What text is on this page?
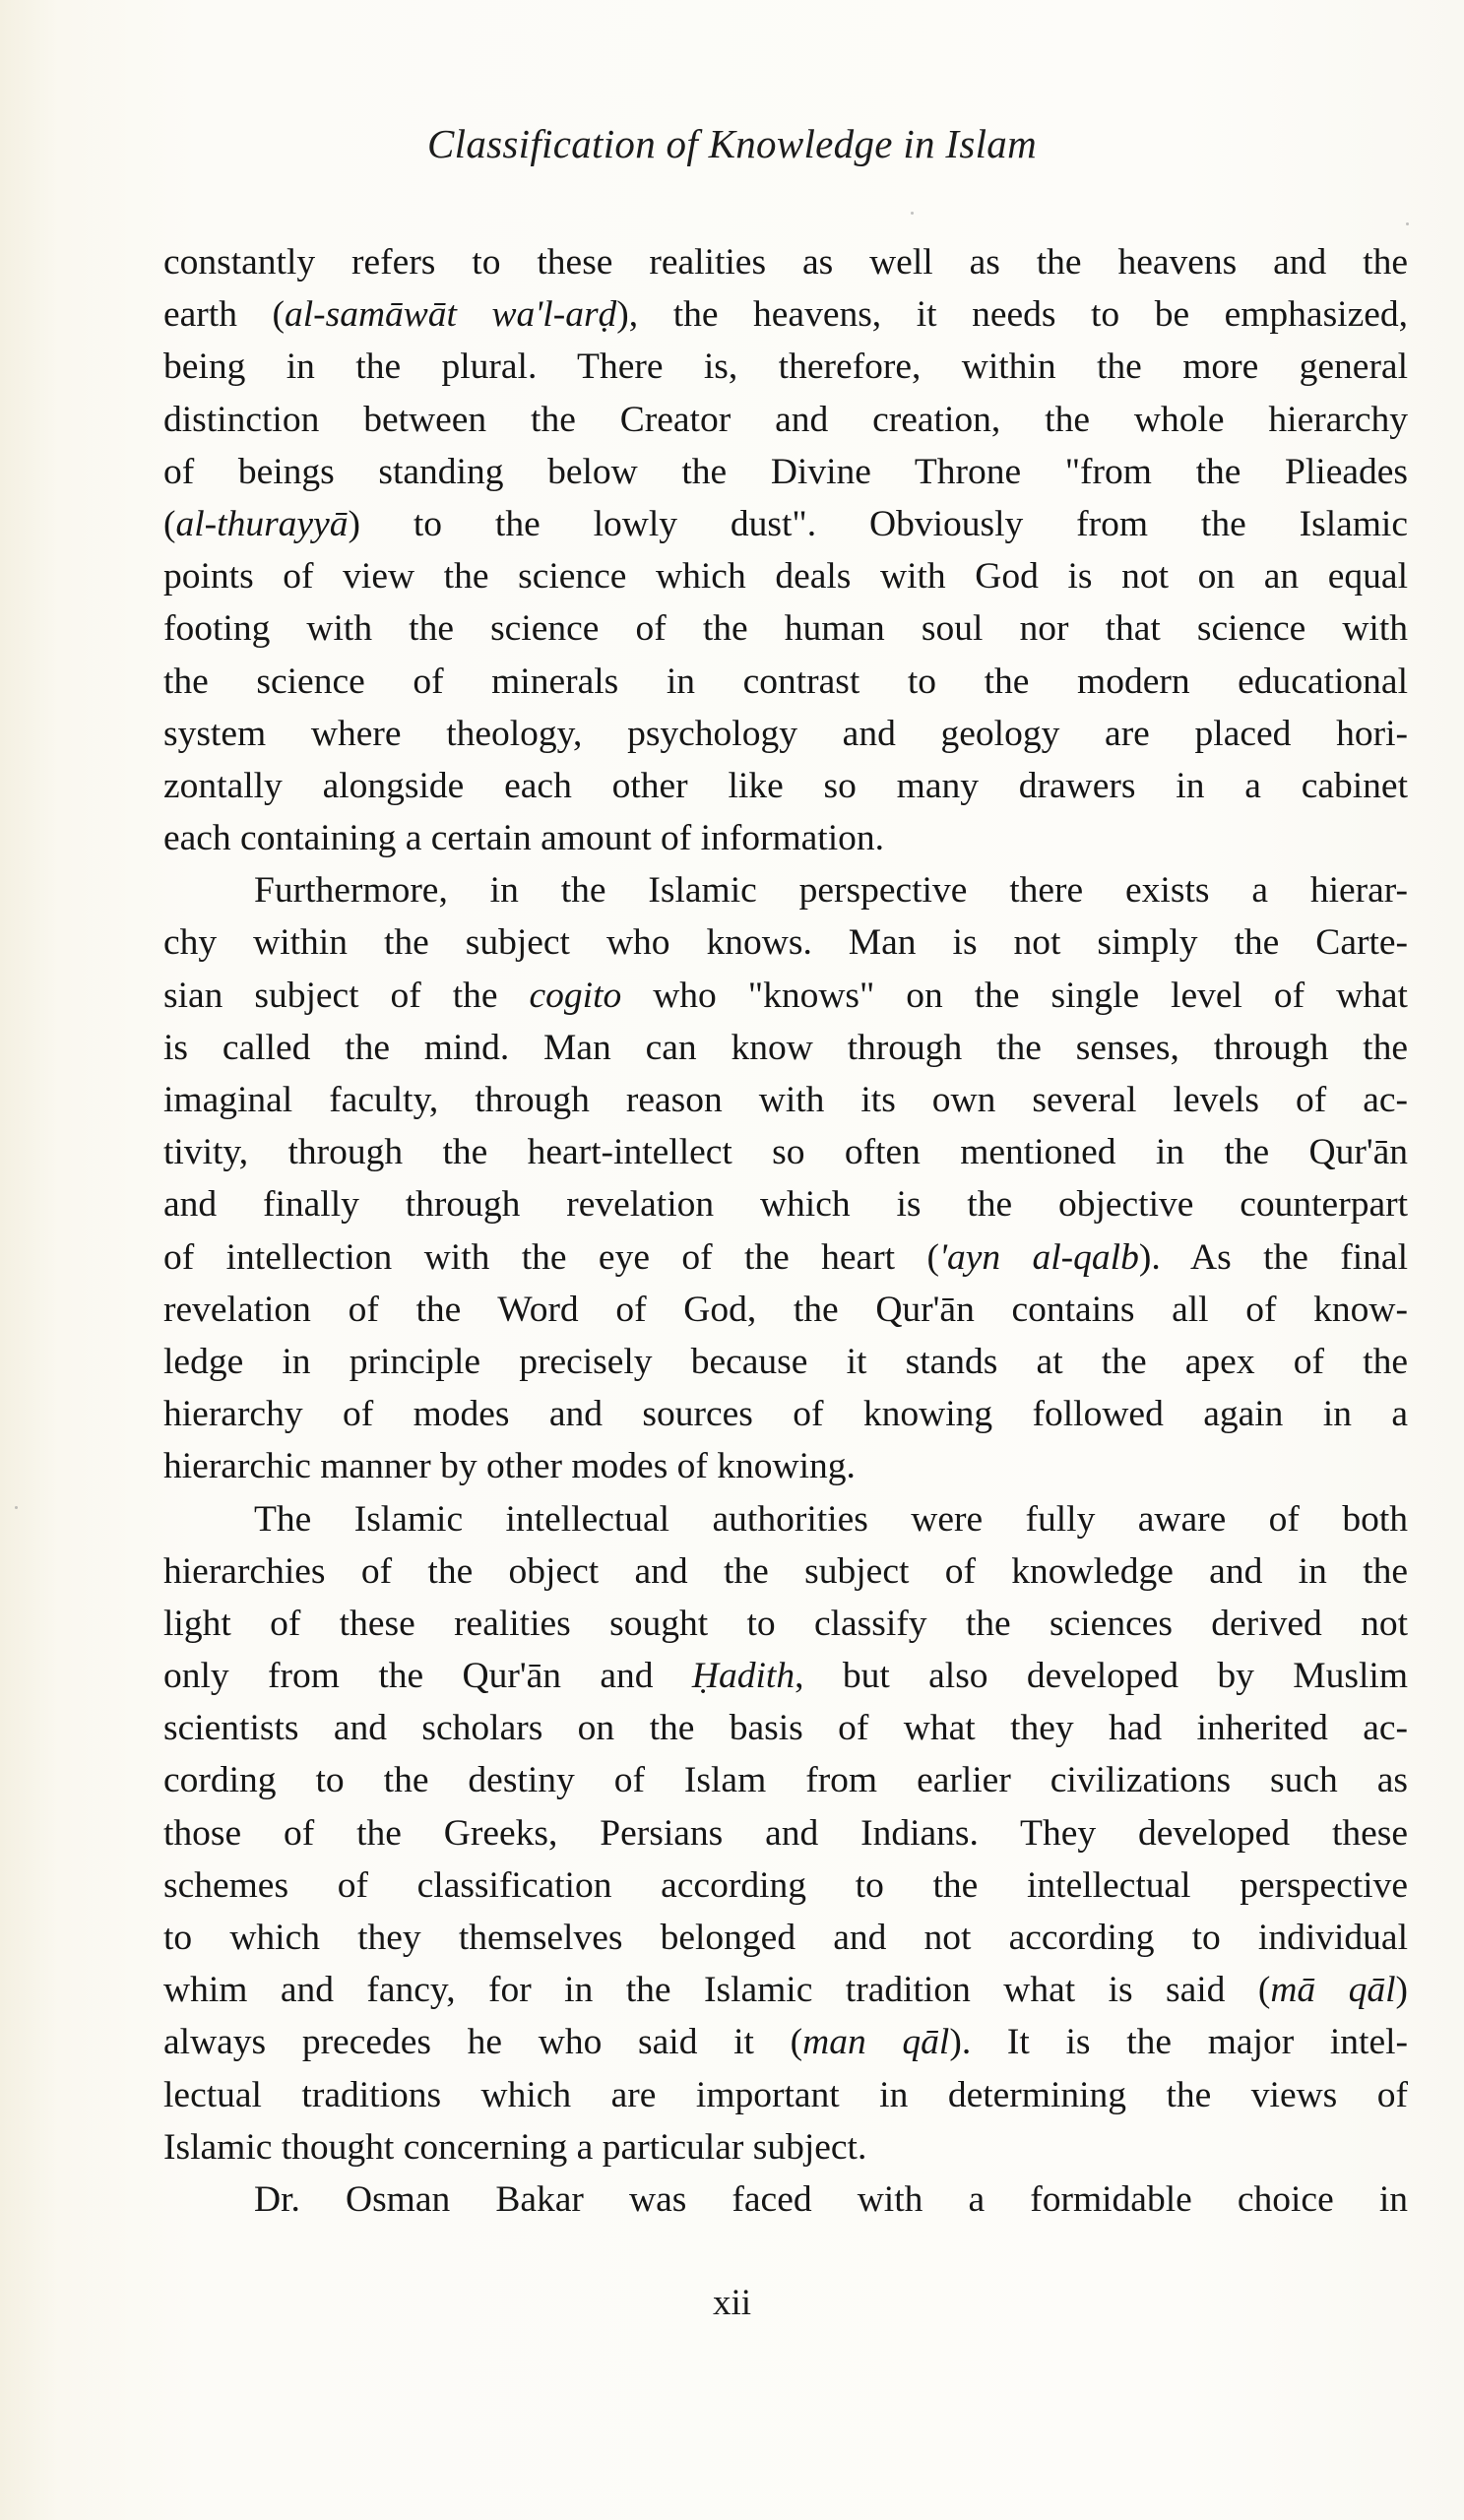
Classification of Knowledge in Islam
constantly refers to these realities as well as the heavens and the
earth (al-samāwāt wa'l-arḍ), the heavens, it needs to be emphasized,
being in the plural. There is, therefore, within the more general
distinction between the Creator and creation, the whole hierarchy
of beings standing below the Divine Throne "from the Plieades
(al-thurayyā) to the lowly dust". Obviously from the Islamic
points of view the science which deals with God is not on an equal
footing with the science of the human soul nor that science with
the science of minerals in contrast to the modern educational
system where theology, psychology and geology are placed hori-
zontally alongside each other like so many drawers in a cabinet
each containing a certain amount of information.
Furthermore, in the Islamic perspective there exists a hierar-
chy within the subject who knows. Man is not simply the Carte-
sian subject of the cogito who "knows" on the single level of what
is called the mind. Man can know through the senses, through the
imaginal faculty, through reason with its own several levels of ac-
tivity, through the heart-intellect so often mentioned in the Qur'ān
and finally through revelation which is the objective counterpart
of intellection with the eye of the heart ('ayn al-qalb). As the final
revelation of the Word of God, the Qur'ān contains all of know-
ledge in principle precisely because it stands at the apex of the
hierarchy of modes and sources of knowing followed again in a
hierarchic manner by other modes of knowing.
The Islamic intellectual authorities were fully aware of both
hierarchies of the object and the subject of knowledge and in the
light of these realities sought to classify the sciences derived not
only from the Qur'ān and Ḥadith, but also developed by Muslim
scientists and scholars on the basis of what they had inherited ac-
cording to the destiny of Islam from earlier civilizations such as
those of the Greeks, Persians and Indians. They developed these
schemes of classification according to the intellectual perspective
to which they themselves belonged and not according to individual
whim and fancy, for in the Islamic tradition what is said (mā qāl)
always precedes he who said it (man qāl). It is the major intel-
lectual traditions which are important in determining the views of
Islamic thought concerning a particular subject.
Dr. Osman Bakar was faced with a formidable choice in
xii
